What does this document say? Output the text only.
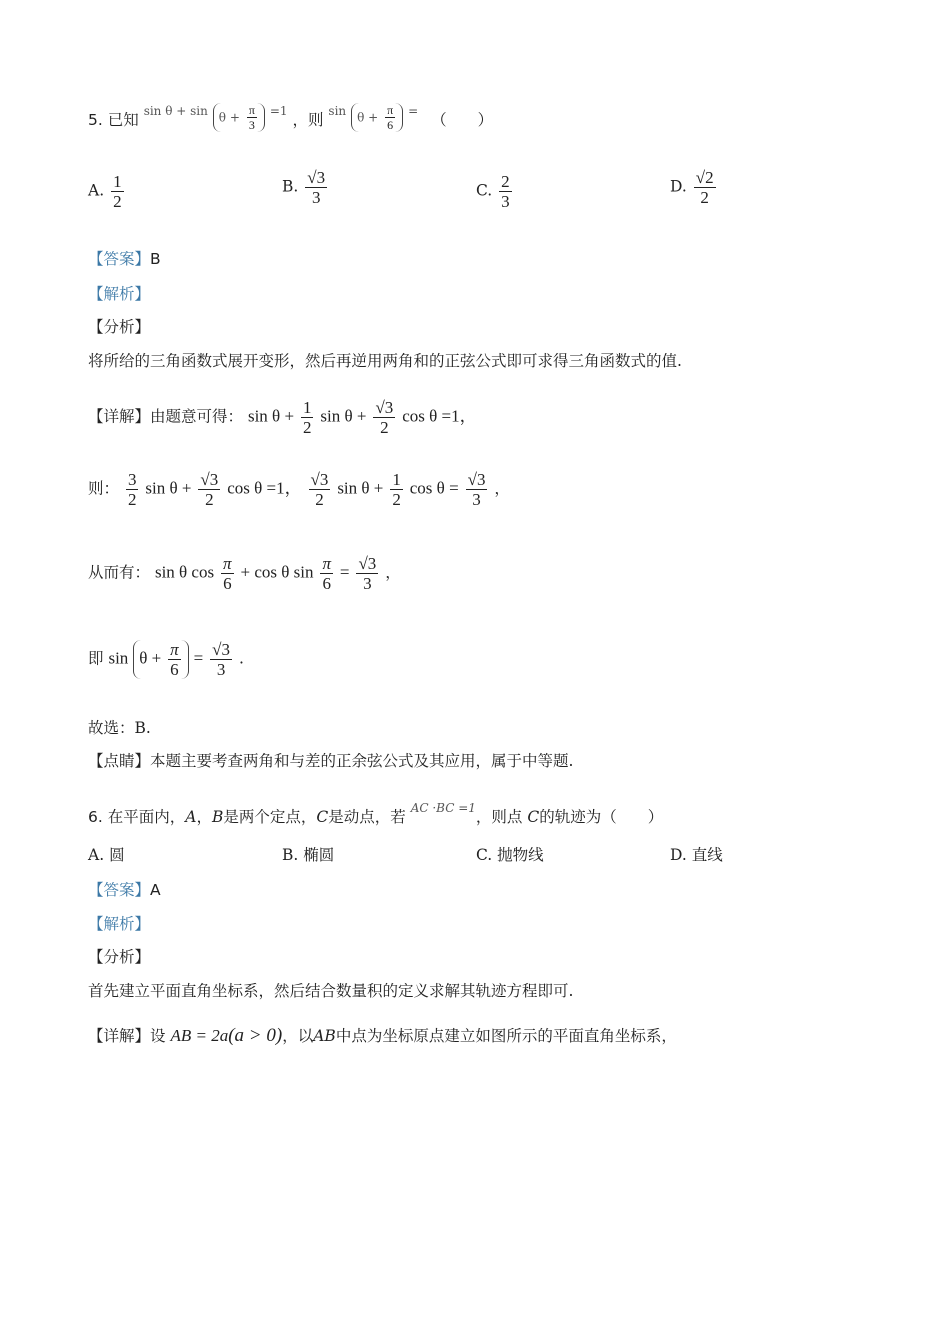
5. 已知 $^{sin \theta + sin}$ $\theta + \frac{\pi}{3} ^{=1}$ ，则 $^{sin}$ $\theta + \frac{\pi}{6} ^=$ （　　）
A. $\frac{1}{2}$	B. $\frac{√3}{3}$	C. $\frac{2}{3}$	D. $\frac{√2}{2}$
【答案】B
【解析】
【分析】
将所给的三角函数式展开变形，然后再逆用两角和的正弦公式即可求得三角函数式的值.
【详解】由题意可得： $\sin \theta + \frac{1}{2}$ $\sin \theta + \frac{√3}{2}$ cos θ =1，
则： $\frac{3}{2}$ $\sin \theta + \frac{√3}{2}$ cos θ =1， $\frac{√3}{2}$ $\sin \theta + \frac{1}{2}$ $\cos \theta = \frac{√3}{3}$ ，
从而有： sin θ $\cos \frac{\pi}{6} + \cos \theta$ $\sin \frac{\pi}{6} = \frac{√3}{3}$ ，
即 $\sin \theta + \frac{\pi}{6} = \frac{√3}{3}$ .
故选：B.
【点睛】本题主要考查两角和与差的正余弦公式及其应用，属于中等题.
6. 在平面内，A，B是两个定点，C是动点，若 $^{AC \cdot BC =1}$，则点 C的轨迹为（　　）
A. 圆	B. 椭圆	C. 抛物线	D. 直线
【答案】A
【解析】
【分析】
首先建立平面直角坐标系，然后结合数量积的定义求解其轨迹方程即可.
【详解】设 AB = 2a(a > 0)，以AB中点为坐标原点建立如图所示的平面直角坐标系，
